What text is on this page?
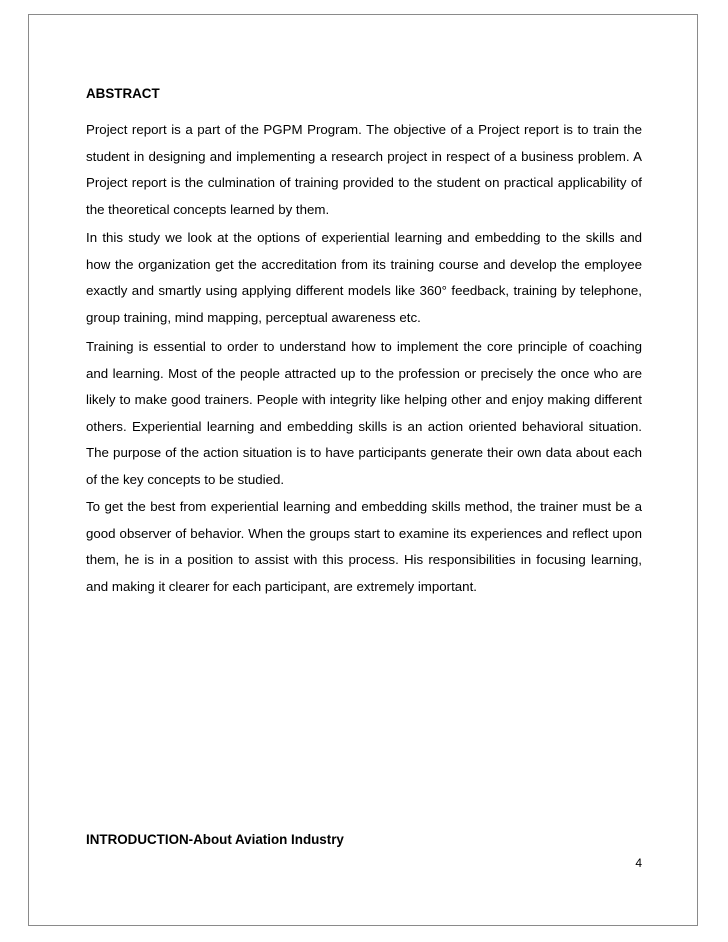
ABSTRACT

Project report is a part of the PGPM Program. The objective of a Project report is to train the student in designing and implementing a research project in respect of a business problem. A Project report is the culmination of training provided to the student on practical applicability of the theoretical concepts learned by them.

In this study we look at the options of experiential learning and embedding to the skills and how the organization get the accreditation from its training course and develop the employee exactly and smartly using applying different models like 360° feedback, training by telephone, group training, mind mapping, perceptual awareness etc.

Training is essential to order to understand how to implement the core principle of coaching and learning. Most of the people attracted up to the profession or precisely the once who are likely to make good trainers. People with integrity like helping other and enjoy making different others. Experiential learning and embedding skills is an action oriented behavioral situation. The purpose of the action situation is to have participants generate their own data about each of the key concepts to be studied.

To get the best from experiential learning and embedding skills method, the trainer must be a good observer of behavior. When the groups start to examine its experiences and reflect upon them, he is in a position to assist with this process. His responsibilities in focusing learning, and making it clearer for each participant, are extremely important.

INTRODUCTION-About Aviation Industry

4
